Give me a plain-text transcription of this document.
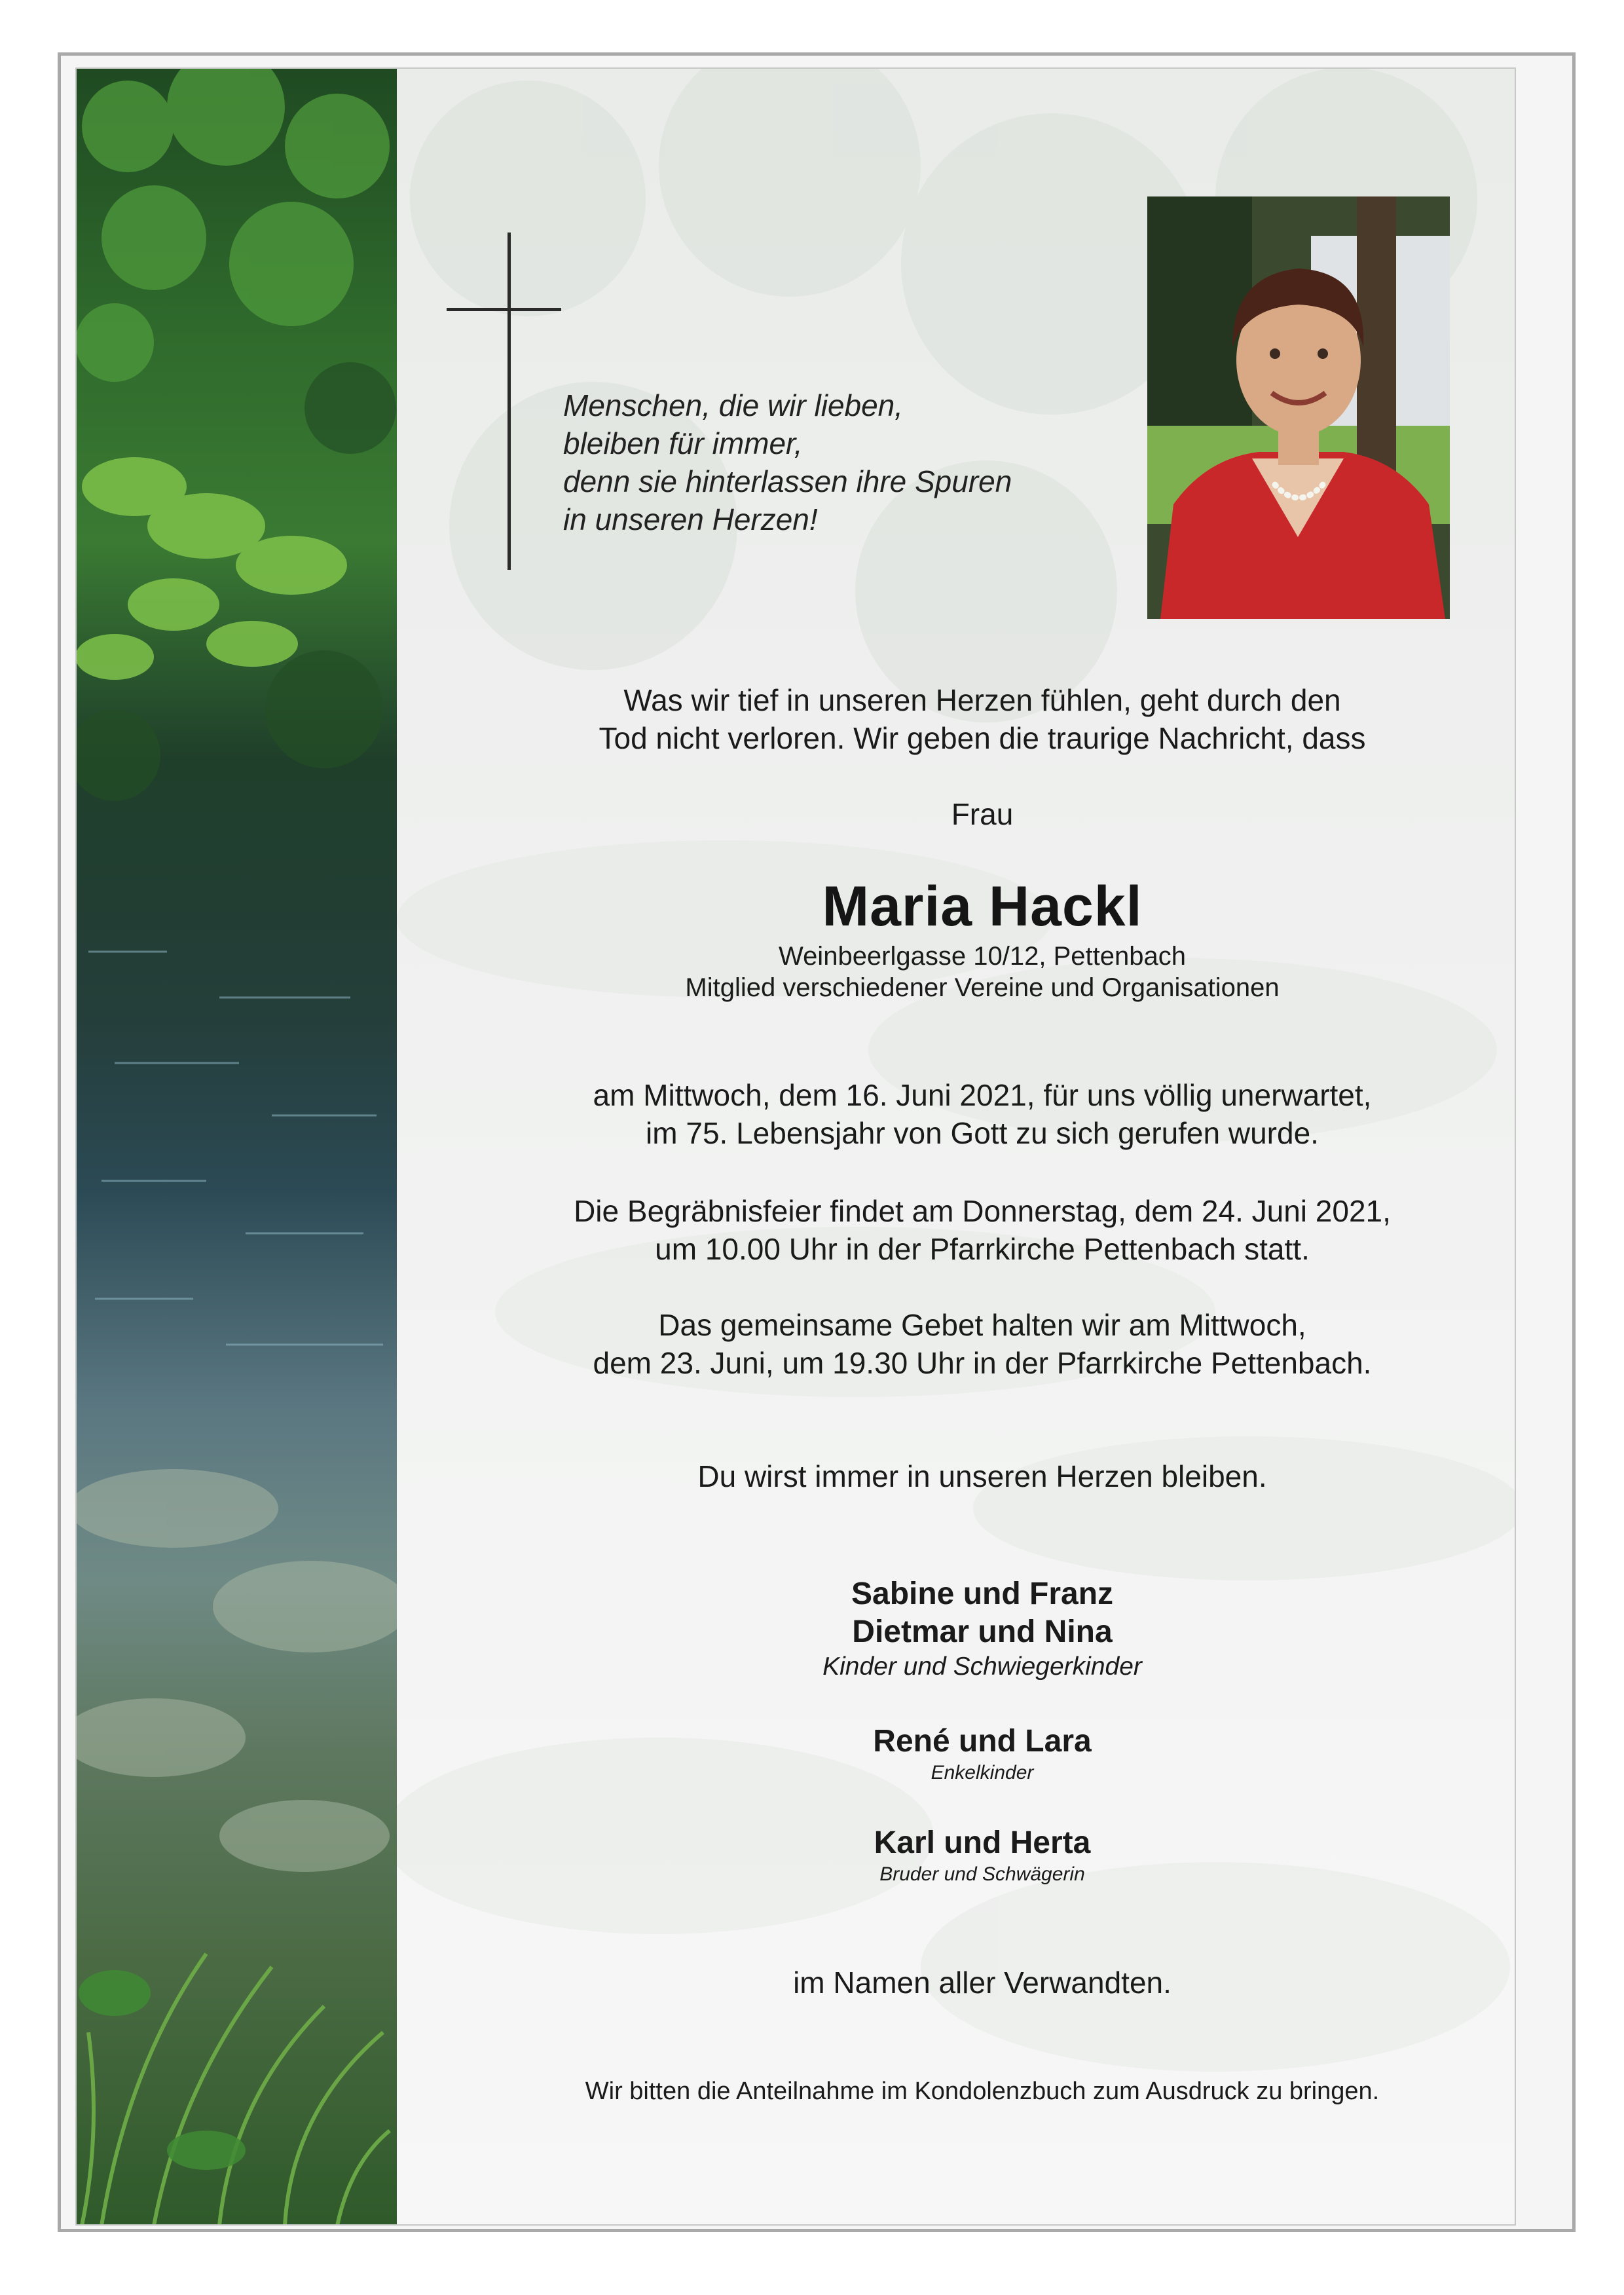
Menschen, die wir lieben,
bleiben für immer,
denn sie hinterlassen ihre Spuren
in unseren Herzen!
Was wir tief in unseren Herzen fühlen, geht durch den
Tod nicht verloren. Wir geben die traurige Nachricht, dass
Frau
Maria Hackl
Weinbeerlgasse 10/12, Pettenbach
Mitglied verschiedener Vereine und Organisationen
am Mittwoch, dem 16. Juni 2021, für uns völlig unerwartet,
im 75. Lebensjahr von Gott zu sich gerufen wurde.
Die Begräbnisfeier findet am Donnerstag, dem 24. Juni 2021,
um 10.00 Uhr in der Pfarrkirche Pettenbach statt.
Das gemeinsame Gebet halten wir am Mittwoch,
dem 23. Juni, um 19.30 Uhr in der Pfarrkirche Pettenbach.
Du wirst immer in unseren Herzen bleiben.
Sabine und Franz
Dietmar und Nina
Kinder und Schwiegerkinder
René und Lara
Enkelkinder
Karl und Herta
Bruder und Schwägerin
im Namen aller Verwandten.
Wir bitten die Anteilnahme im Kondolenzbuch zum Ausdruck zu bringen.
